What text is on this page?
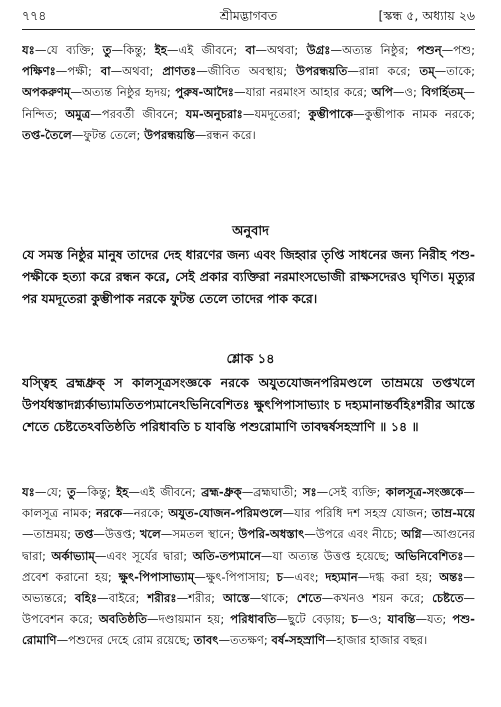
৭৭৪	শ্রীমদ্ভাগবত	[স্কন্ধ ৫, অধ্যায় ২৬
যঃ—যে ব্যক্তি; তু—কিন্তু; ইহ—এই জীবনে; বা—অথবা; উগ্রঃ—অত্যন্ত নিষ্ঠুর; পশুন্—পশু; পক্ষিণঃ—পক্ষী; বা—অথবা; প্রাণতঃ—জীবিত অবস্থায়; উপরন্ধয়তি—রান্না করে; তম্—তাকে; অপকরুণম্—অত্যন্ত নিষ্ঠুর হৃদয়; পুরুষ-আদৈঃ—যারা নরমাংস আহার করে; অপি—ও; বিগর্হিতম্—নিন্দিত; অমুত্র—পরবর্তী জীবনে; যম-অনুচরাঃ—যমদূতেরা; কুম্ভীপাকে—কুম্ভীপাক নামক নরকে; তপ্ত-তৈলে—ফুটন্ত তেলে; উপরন্ধয়ন্তি—রন্ধন করে।
অনুবাদ
যে সমস্ত নিষ্ঠুর মানুষ তাদের দেহ ধারণের জন্য এবং জিহ্বার তৃপ্তি সাধনের জন্য নিরীহ পশু-পক্ষীকে হত্যা করে রন্ধন করে, সেই প্রকার ব্যক্তিরা নরমাংসভোজী রাক্ষসদেরও ঘৃণিত। মৃত্যুর পর যমদূতেরা কুম্ভীপাক নরকে ফুটন্ত তেলে তাদের পাক করে।
শ্লোক ১৪
যস্ত্বিহ ব্রহ্মধ্রুক্ স কালসূত্রসংজ্ঞকে নরকে অযুতযোজনপরিমণ্ডলে তাম্রময়ে তপ্তখলে উপর্যধস্তাদগ্ন্যর্কাভ্যামতিতপ্যমানেঽভিনিবেশিতঃ ক্ষুৎপিপাসাভ্যাং চ দহ্যমানান্তর্বহিঃশরীর আস্তে শেতে চেষ্টতেঽবতিষ্ঠতি পরিধাবতি চ যাবন্তি পশুরোমাণি তাবদ্বর্ষসহস্রাণি ॥ ১৪ ॥
যঃ—যে; তু—কিন্তু; ইহ—এই জীবনে; ব্রহ্ম-ধ্রুক্—ব্রহ্মঘাতী; সঃ—সেই ব্যক্তি; কালসূত্র-সংজ্ঞকে—কালসূত্র নামক; নরকে—নরকে; অযুত-যোজন-পরিমণ্ডলে—যার পরিধি দশ সহস্র যোজন; তাম্র-ময়ে—তাম্রময়; তপ্ত—উত্তপ্ত; খলে—সমতল স্থানে; উপরি-অধস্তাৎ—উপরে এবং নীচে; অগ্নি—আগুনের দ্বারা; অর্কাভ্যাম্—এবং সূর্যের দ্বারা; অতি-তপ্যমানে—যা অত্যন্ত উত্তপ্ত হয়েছে; অভিনিবেশিতঃ—প্রবেশ করানো হয়; ক্ষুৎ-পিপাসাভ্যাম্—ক্ষুৎ-পিপাসায়; চ—এবং; দহ্যমান—দগ্ধ করা হয়; অন্তঃ—অভ্যন্তরে; বহিঃ—বাইরে; শরীরঃ—শরীর; আস্তে—থাকে; শেতে—কখনও শয়ন করে; চেষ্টতে—উপবেশন করে; অবতিষ্ঠতি—দণ্ডায়মান হয়; পরিধাবতি—ছুটে বেড়ায়; চ—ও; যাবন্তি—যত; পশু-রোমাণি—পশুদের দেহে রোম রয়েছে; তাবৎ—ততক্ষণ; বর্ষ-সহস্রাণি—হাজার হাজার বছর।
